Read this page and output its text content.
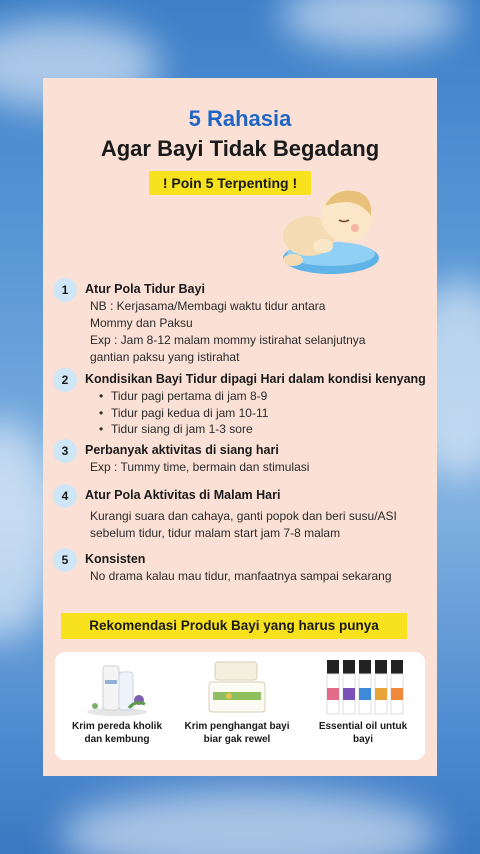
5 Rahasia
Agar Bayi Tidak Begadang
! Poin 5 Terpenting !
1	Atur Pola Tidur Bayi
NB : Kerjasama/Membagi waktu tidur antara
Mommy dan Paksu
Exp : Jam 8-12 malam mommy istirahat selanjutnya
gantian paksu yang istirahat
2	Kondisikan Bayi Tidur dipagi Hari dalam kondisi kenyang
• Tidur pagi pertama di jam 8-9
• Tidur pagi kedua di jam 10-11
• Tidur siang di jam 1-3 sore
3	Perbanyak aktivitas di siang hari
Exp : Tummy time, bermain dan stimulasi
4	Atur Pola Aktivitas di Malam Hari
Kurangi suara dan cahaya, ganti popok dan beri susu/ASI
sebelum tidur, tidur malam start jam 7-8 malam
5	Konsisten
No drama kalau mau tidur, manfaatnya sampai sekarang
Rekomendasi Produk Bayi yang harus punya
Krim pereda kholik
dan kembung
Krim penghangat bayi
biar gak rewel
Essential oil untuk
bayi
